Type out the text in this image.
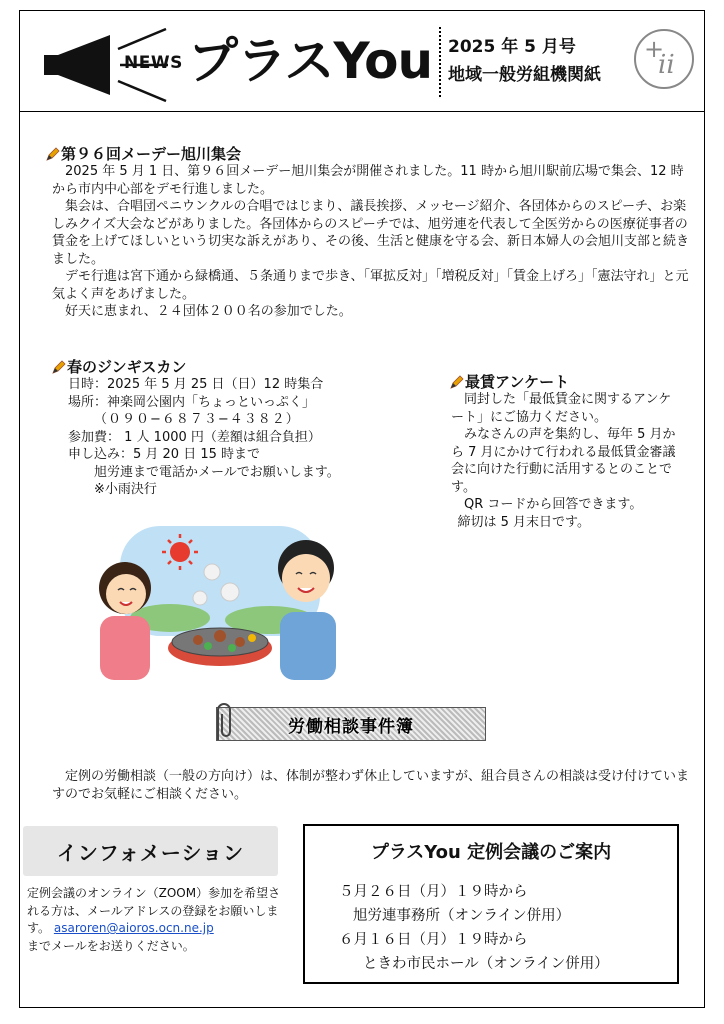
NEWS プラスYou 2025 年 5 月号
地域一般労組機関紙
+
ii
第９６回メーデー旭川集会

2025 年 5 月 1 日、第９６回メーデー旭川集会が開催されました。11 時から旭川駅前広場で集会、12 時から市内中心部をデモ行進しました。

集会は、合唱団ペニウンクルの合唱ではじまり、議長挨拶、メッセージ紹介、各団体からのスピーチ、お楽しみクイズ大会などがありました。各団体からのスピーチでは、旭労連を代表して全医労からの医療従事者の賃金を上げてほしいという切実な訴えがあり、その後、生活と健康を守る会、新日本婦人の会旭川支部と続きました。

デモ行進は宮下通から緑橋通、５条通りまで歩き、「軍拡反対」「増税反対」「賃金上げろ」「憲法守れ」と元気よく声をあげました。

好天に恵まれ、２４団体２００名の参加でした。

春のジンギスカン

日時：2025 年 5 月 25 日（日）12 時集合

場所：神楽岡公園内「ちょっといっぷく」

（０９０−６８７３−４３８２）

参加費： 1 人 1000 円（差額は組合負担）

申し込み：5 月 20 日 15 時まで

旭労連まで電話かメールでお願いします。

※小雨決行

最賃アンケート

同封した「最低賃金に関するアンケート」にご協力ください。

みなさんの声を集約し、毎年 5 月から 7 月にかけて行われる最低賃金審議会に向けた行動に活用するとのことです。

QR コードから回答できます。

締切は 5 月末日です。

労働相談事件簿

定例の労働相談（一般の方向け）は、体制が整わず休止していますが、組合員さんの相談は受け付けていますのでお気軽にご相談ください。

インフォメーション
定例会議のオンライン（ZOOM）参加を希望される方は、メールアドレスの登録をお願いします。 asaroren@aioros.ocn.ne.jp
までメールをお送りください。
プラスYou 定例会議のご案内
５月２６日（月）１９時から
旭労連事務所（オンライン併用）
６月１６日（月）１９時から
ときわ市民ホール（オンライン併用）
